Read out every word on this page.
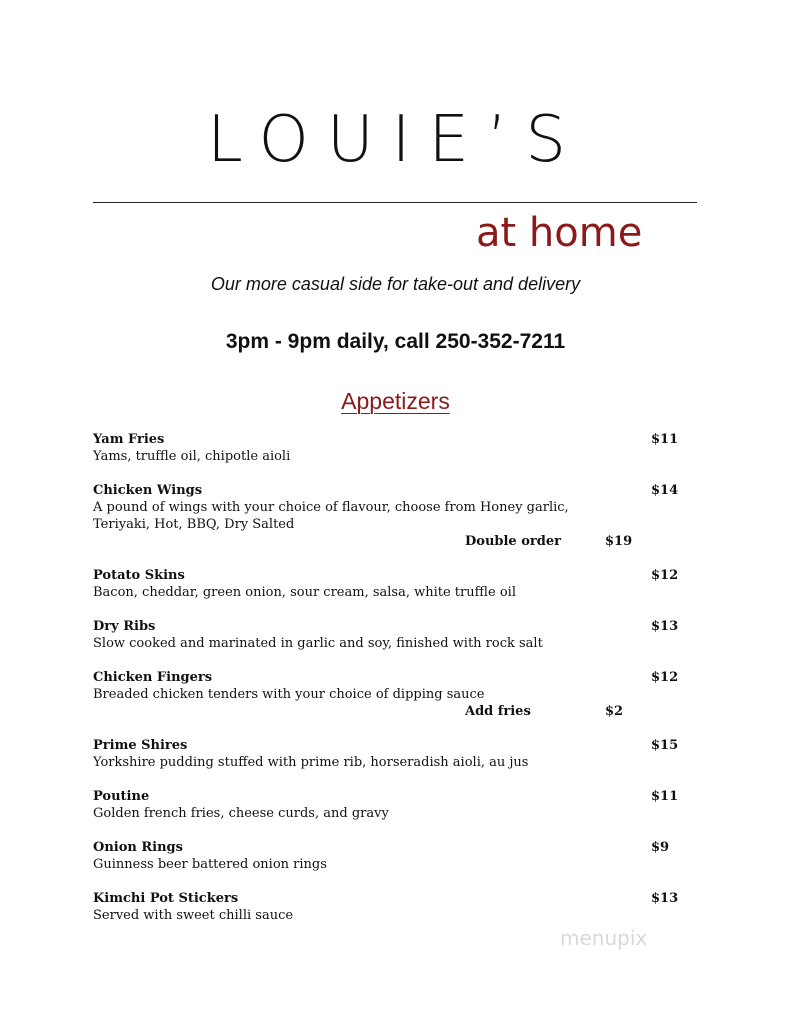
LOUIE’S
at home
Our more casual side for take-out and delivery
3pm - 9pm daily, call 250-352-7211
Appetizers
Yam Fries	$11
Yams, truffle oil, chipotle aioli
Chicken Wings	$14
A pound of wings with your choice of flavour, choose from Honey garlic, Teriyaki, Hot, BBQ, Dry Salted
Double order	$19
Potato Skins	$12
Bacon, cheddar, green onion, sour cream, salsa, white truffle oil
Dry Ribs	$13
Slow cooked and marinated in garlic and soy, finished with rock salt
Chicken Fingers	$12
Breaded chicken tenders with your choice of dipping sauce
Add fries	$2
Prime Shires	$15
Yorkshire pudding stuffed with prime rib, horseradish aioli, au jus
Poutine	$11
Golden french fries, cheese curds, and gravy
Onion Rings	$9
Guinness beer battered onion rings
Kimchi Pot Stickers	$13
Served with sweet chilli sauce
menupix
